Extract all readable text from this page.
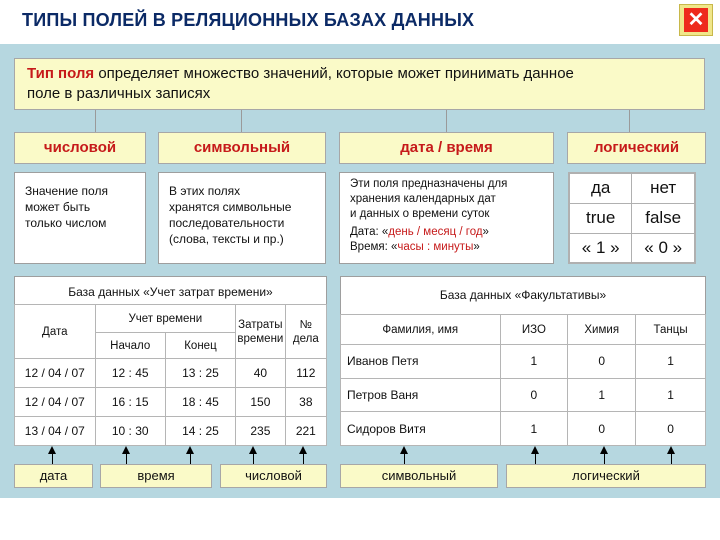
ТИПЫ ПОЛЕЙ В РЕЛЯЦИОННЫХ БАЗАХ ДАННЫХ	✕
Тип поля определяет множество значений, которые может принимать данное
поле в различных записях
числовой	символьный	дата / время	логический
Значение поля
может быть
только числом
В этих полях
хранятся символьные
последовательности
(слова, тексты и пр.)
Эти поля предназначены для
хранения календарных дат
и данных о времени суток
Дата: «день / месяц / год»
Время: «часы : минуты»
да	нет
true	false
« 1 »	« 0 »
База данных «Учет затрат времени»
Дата	Учет времени		Затраты времени	№ дела
	Начало	Конец		
12 / 04 / 07	12 : 45	13 : 25	40	112
12 / 04 / 07	16 : 15	18 : 45	150	38
13 / 04 / 07	10 : 30	14 : 25	235	221
База данных «Факультативы»
Фамилия, имя	ИЗО	Химия	Танцы
Иванов Петя	1	0	1
Петров Ваня	0	1	1
Сидоров Витя	1	0	0
дата	время	числовой	символьный	логический
